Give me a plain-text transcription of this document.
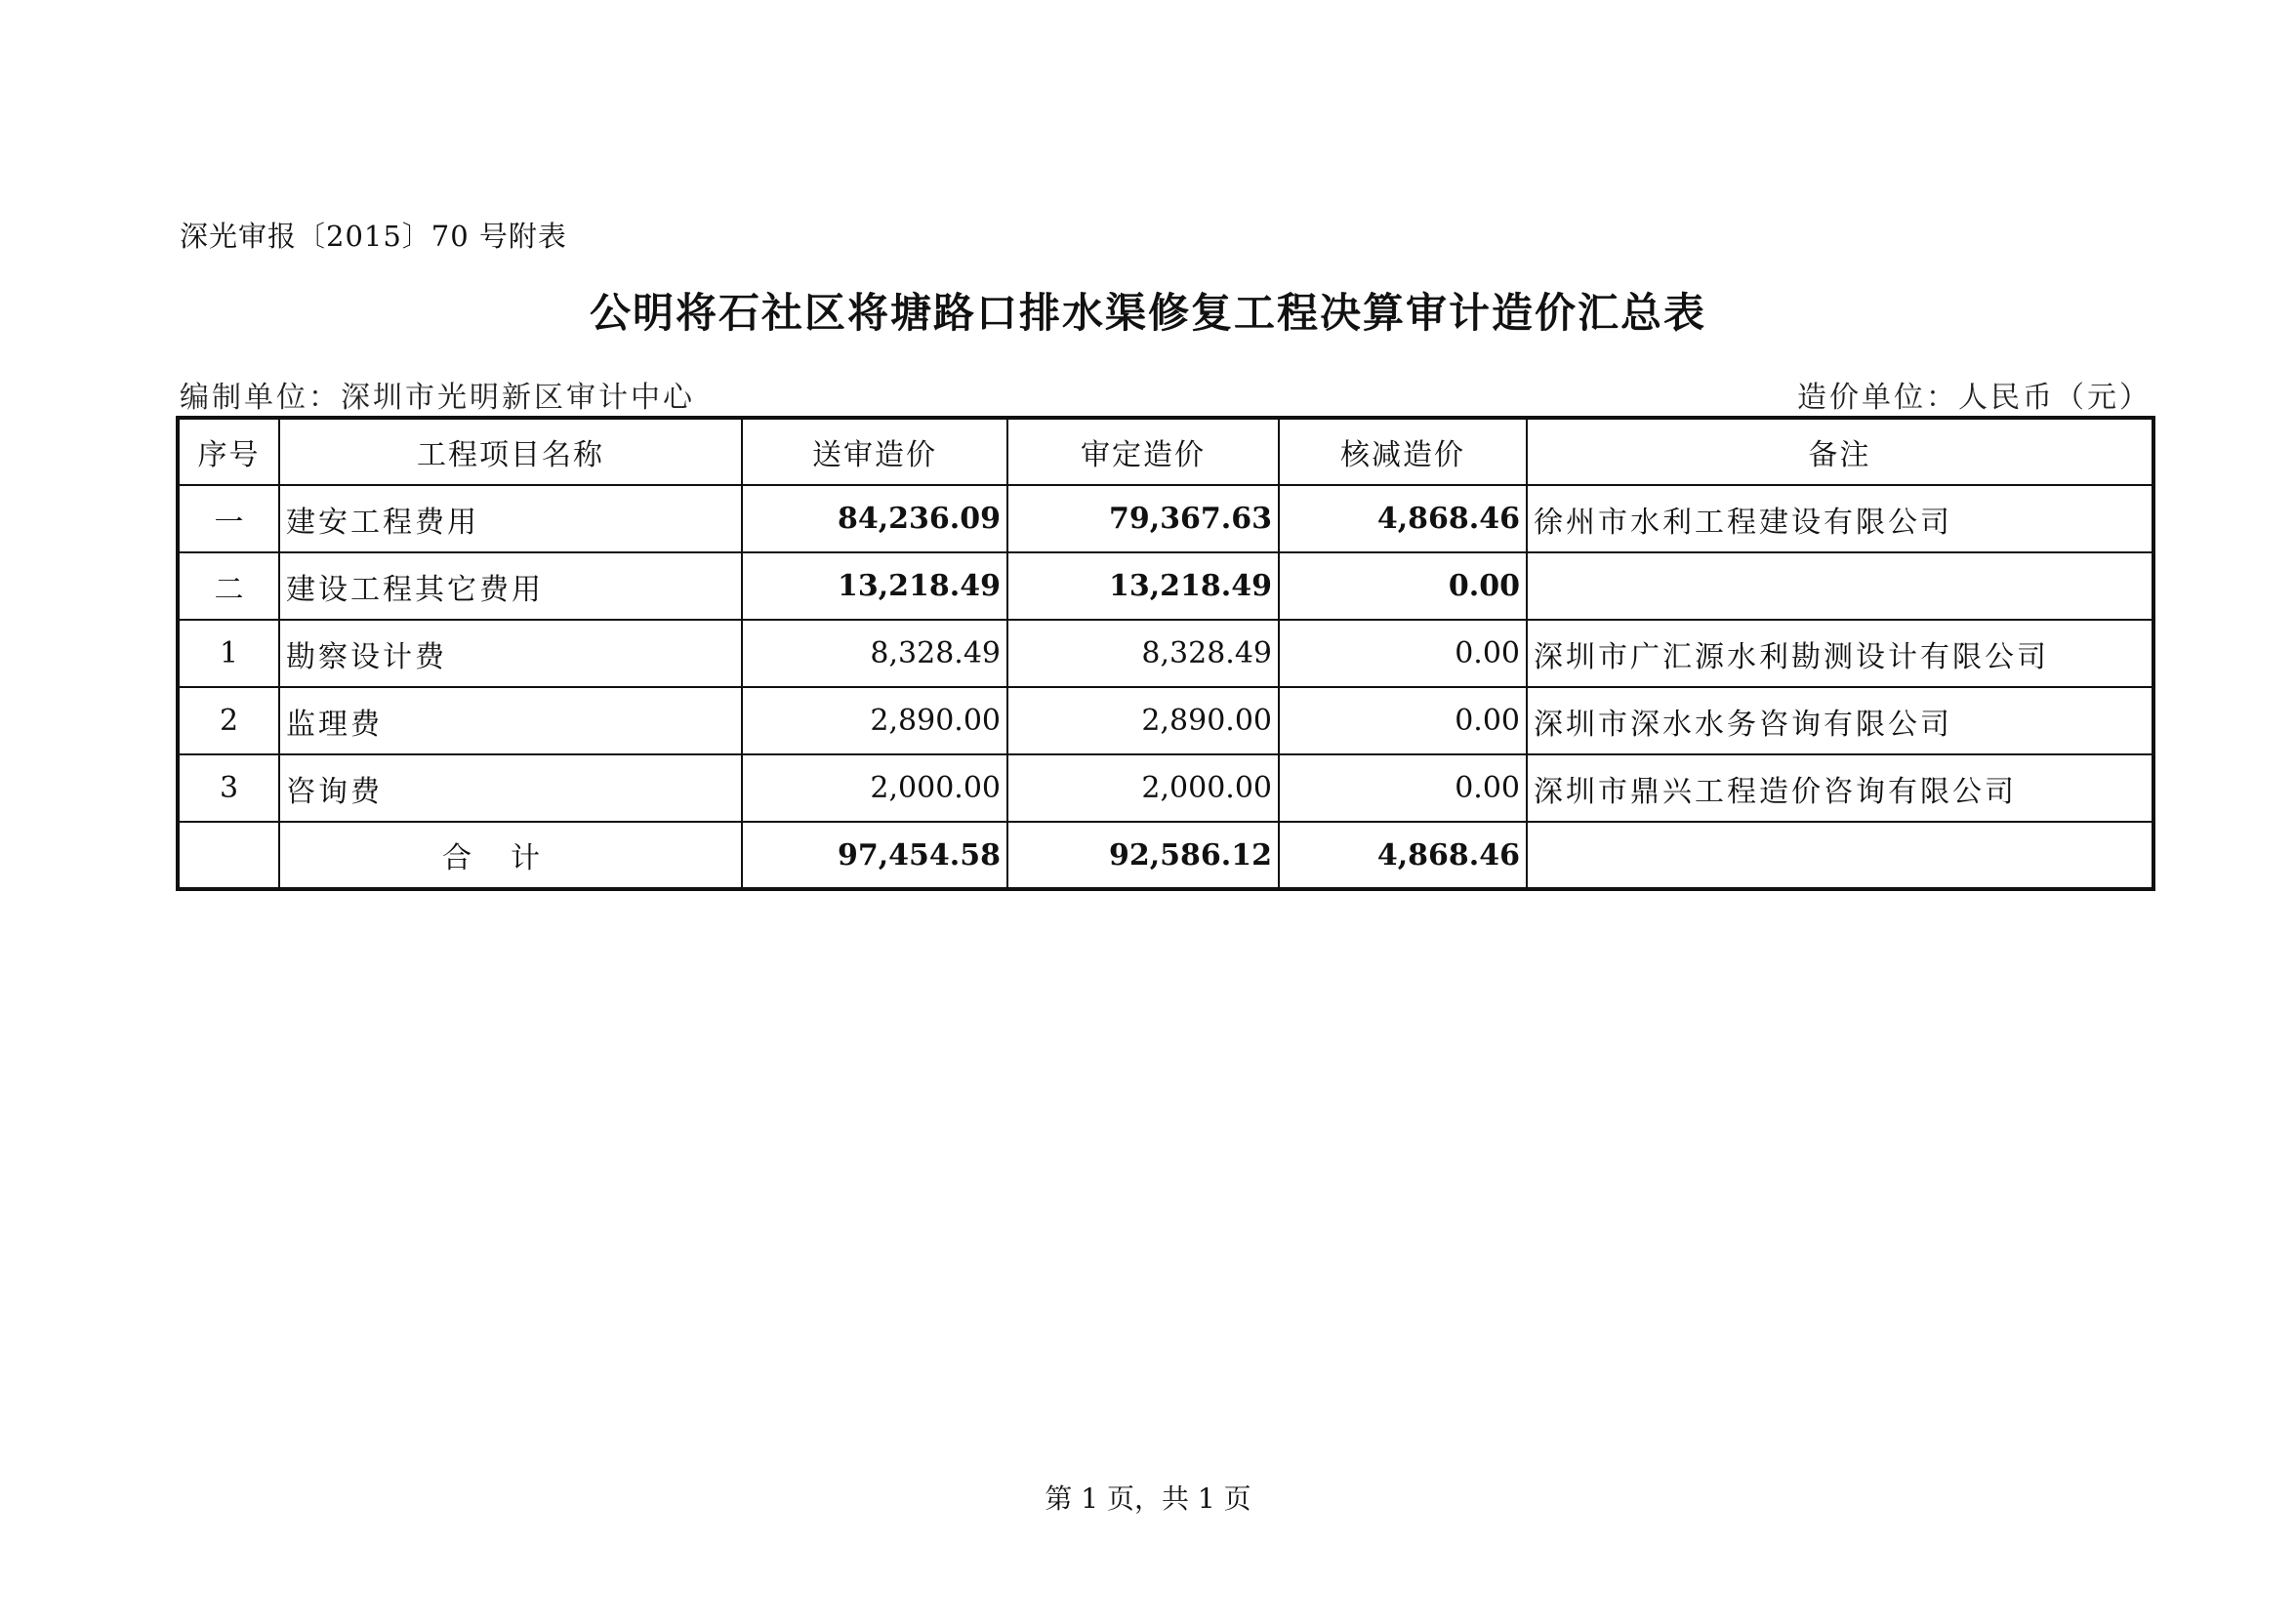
深光审报〔2015〕70 号附表
公明将石社区将塘路口排水渠修复工程决算审计造价汇总表
编制单位：深圳市光明新区审计中心	造价单位：人民币（元）
序号	工程项目名称	送审造价	审定造价	核减造价	备注
一	建安工程费用	84,236.09	79,367.63	4,868.46	徐州市水利工程建设有限公司
二	建设工程其它费用	13,218.49	13,218.49	0.00	
1	勘察设计费	8,328.49	8,328.49	0.00	深圳市广汇源水利勘测设计有限公司
2	监理费	2,890.00	2,890.00	0.00	深圳市深水水务咨询有限公司
3	咨询费	2,000.00	2,000.00	0.00	深圳市鼎兴工程造价咨询有限公司
	合计	97,454.58	92,586.12	4,868.46	
第 1 页，共 1 页
